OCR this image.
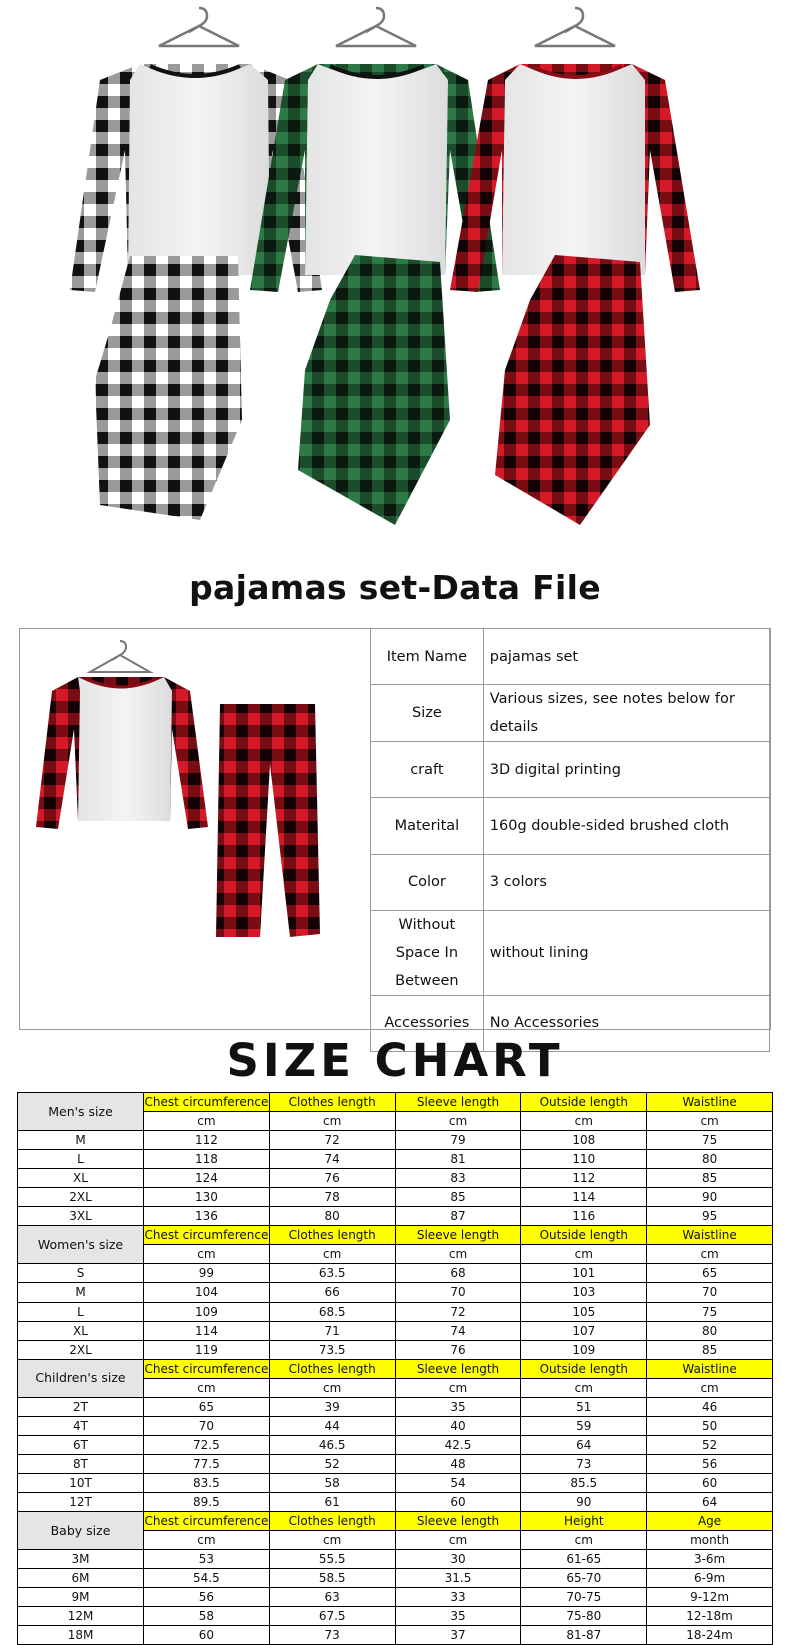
pajamas set-Data File
Item Name	pajamas set
Size	Various sizes, see notes below for details
craft	3D digital printing
Materital	160g double-sided brushed cloth
Color	3 colors
Without Space In Between	without lining
Accessories	No Accessories
SIZE CHART
Men's size	Chest circumference	Clothes length	Sleeve length	Outside length	Waistline
	cm	cm	cm	cm	cm
M	112	72	79	108	75
L	118	74	81	110	80
XL	124	76	83	112	85
2XL	130	78	85	114	90
3XL	136	80	87	116	95
Women's size	Chest circumference	Clothes length	Sleeve length	Outside length	Waistline
	cm	cm	cm	cm	cm
S	99	63.5	68	101	65
M	104	66	70	103	70
L	109	68.5	72	105	75
XL	114	71	74	107	80
2XL	119	73.5	76	109	85
Children's size	Chest circumference	Clothes length	Sleeve length	Outside length	Waistline
	cm	cm	cm	cm	cm
2T	65	39	35	51	46
4T	70	44	40	59	50
6T	72.5	46.5	42.5	64	52
8T	77.5	52	48	73	56
10T	83.5	58	54	85.5	60
12T	89.5	61	60	90	64
Baby size	Chest circumference	Clothes length	Sleeve length	Height	Age
	cm	cm	cm	cm	month
3M	53	55.5	30	61-65	3-6m
6M	54.5	58.5	31.5	65-70	6-9m
9M	56	63	33	70-75	9-12m
12M	58	67.5	35	75-80	12-18m
18M	60	73	37	81-87	18-24m
